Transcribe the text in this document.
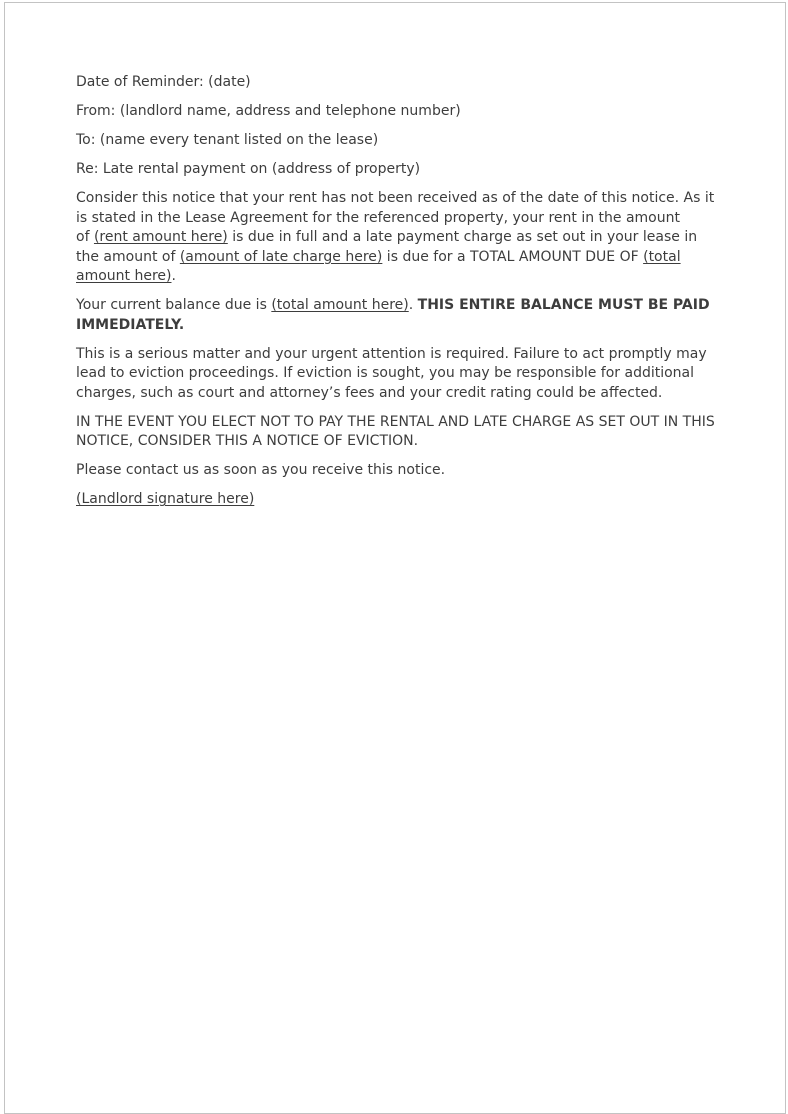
Date of Reminder: (date)

From: (landlord name, address and telephone number)

To: (name every tenant listed on the lease)

Re: Late rental payment on (address of property)

Consider this notice that your rent has not been received as of the date of this notice. As it
is stated in the Lease Agreement for the referenced property, your rent in the amount
of (rent amount here) is due in full and a late payment charge as set out in your lease in
the amount of (amount of late charge here) is due for a TOTAL AMOUNT DUE OF (total
amount here).

Your current balance due is (total amount here). THIS ENTIRE BALANCE MUST BE PAID
IMMEDIATELY.

This is a serious matter and your urgent attention is required. Failure to act promptly may
lead to eviction proceedings. If eviction is sought, you may be responsible for additional
charges, such as court and attorney’s fees and your credit rating could be affected.

IN THE EVENT YOU ELECT NOT TO PAY THE RENTAL AND LATE CHARGE AS SET OUT IN THIS
NOTICE, CONSIDER THIS A NOTICE OF EVICTION.

Please contact us as soon as you receive this notice.

(Landlord signature here)
